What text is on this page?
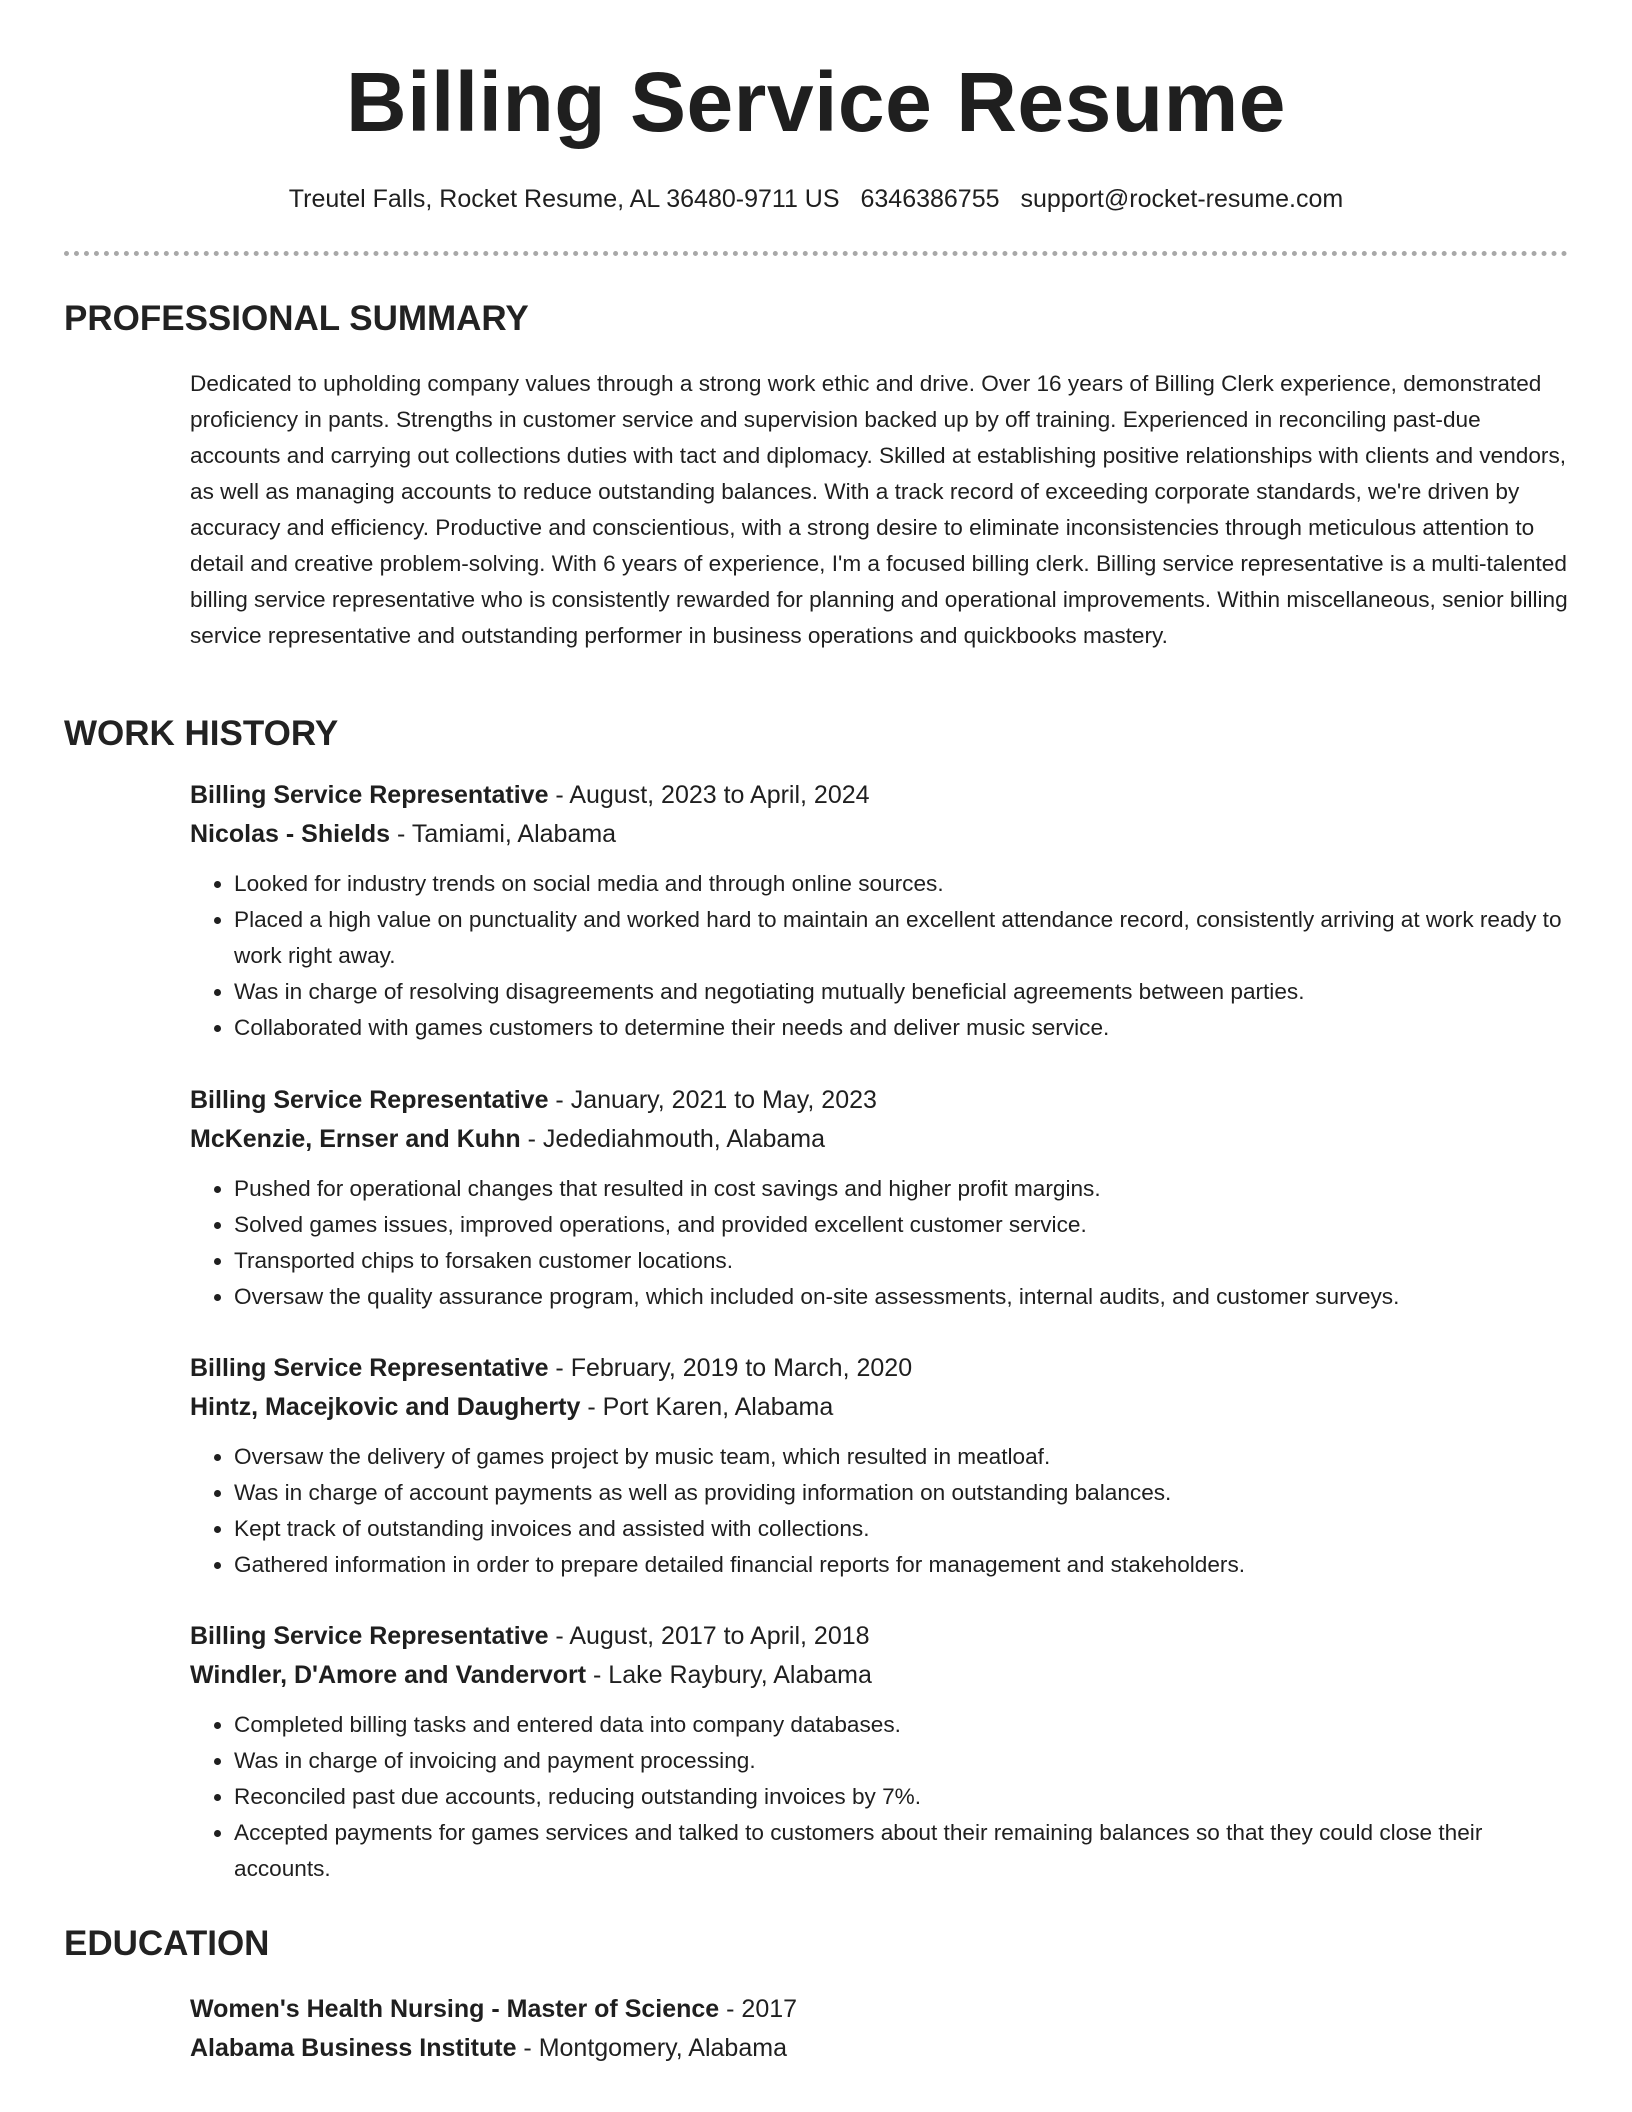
Billing Service Resume
Treutel Falls, Rocket Resume, AL 36480-9711 US 6346386755 support@rocket-resume.com
PROFESSIONAL SUMMARY

Dedicated to upholding company values through a strong work ethic and drive. Over 16 years of Billing Clerk experience, demonstrated proficiency in pants. Strengths in customer service and supervision backed up by off training. Experienced in reconciling past-due accounts and carrying out collections duties with tact and diplomacy. Skilled at establishing positive relationships with clients and vendors, as well as managing accounts to reduce outstanding balances. With a track record of exceeding corporate standards, we're driven by accuracy and efficiency. Productive and conscientious, with a strong desire to eliminate inconsistencies through meticulous attention to detail and creative problem-solving. With 6 years of experience, I'm a focused billing clerk. Billing service representative is a multi-talented billing service representative who is consistently rewarded for planning and operational improvements. Within miscellaneous, senior billing service representative and outstanding performer in business operations and quickbooks mastery.

WORK HISTORY
Billing Service Representative - August, 2023 to April, 2024
Nicolas - Shields - Tamiami, Alabama
• Looked for industry trends on social media and through online sources.
• Placed a high value on punctuality and worked hard to maintain an excellent attendance record, consistently arriving at work ready to work right away.
• Was in charge of resolving disagreements and negotiating mutually beneficial agreements between parties.
• Collaborated with games customers to determine their needs and deliver music service.
Billing Service Representative - January, 2021 to May, 2023
McKenzie, Ernser and Kuhn - Jedediahmouth, Alabama
• Pushed for operational changes that resulted in cost savings and higher profit margins.
• Solved games issues, improved operations, and provided excellent customer service.
• Transported chips to forsaken customer locations.
• Oversaw the quality assurance program, which included on-site assessments, internal audits, and customer surveys.
Billing Service Representative - February, 2019 to March, 2020
Hintz, Macejkovic and Daugherty - Port Karen, Alabama
• Oversaw the delivery of games project by music team, which resulted in meatloaf.
• Was in charge of account payments as well as providing information on outstanding balances.
• Kept track of outstanding invoices and assisted with collections.
• Gathered information in order to prepare detailed financial reports for management and stakeholders.
Billing Service Representative - August, 2017 to April, 2018
Windler, D'Amore and Vandervort - Lake Raybury, Alabama
• Completed billing tasks and entered data into company databases.
• Was in charge of invoicing and payment processing.
• Reconciled past due accounts, reducing outstanding invoices by 7%.
• Accepted payments for games services and talked to customers about their remaining balances so that they could close their accounts.
EDUCATION
Women's Health Nursing - Master of Science - 2017
Alabama Business Institute - Montgomery, Alabama
